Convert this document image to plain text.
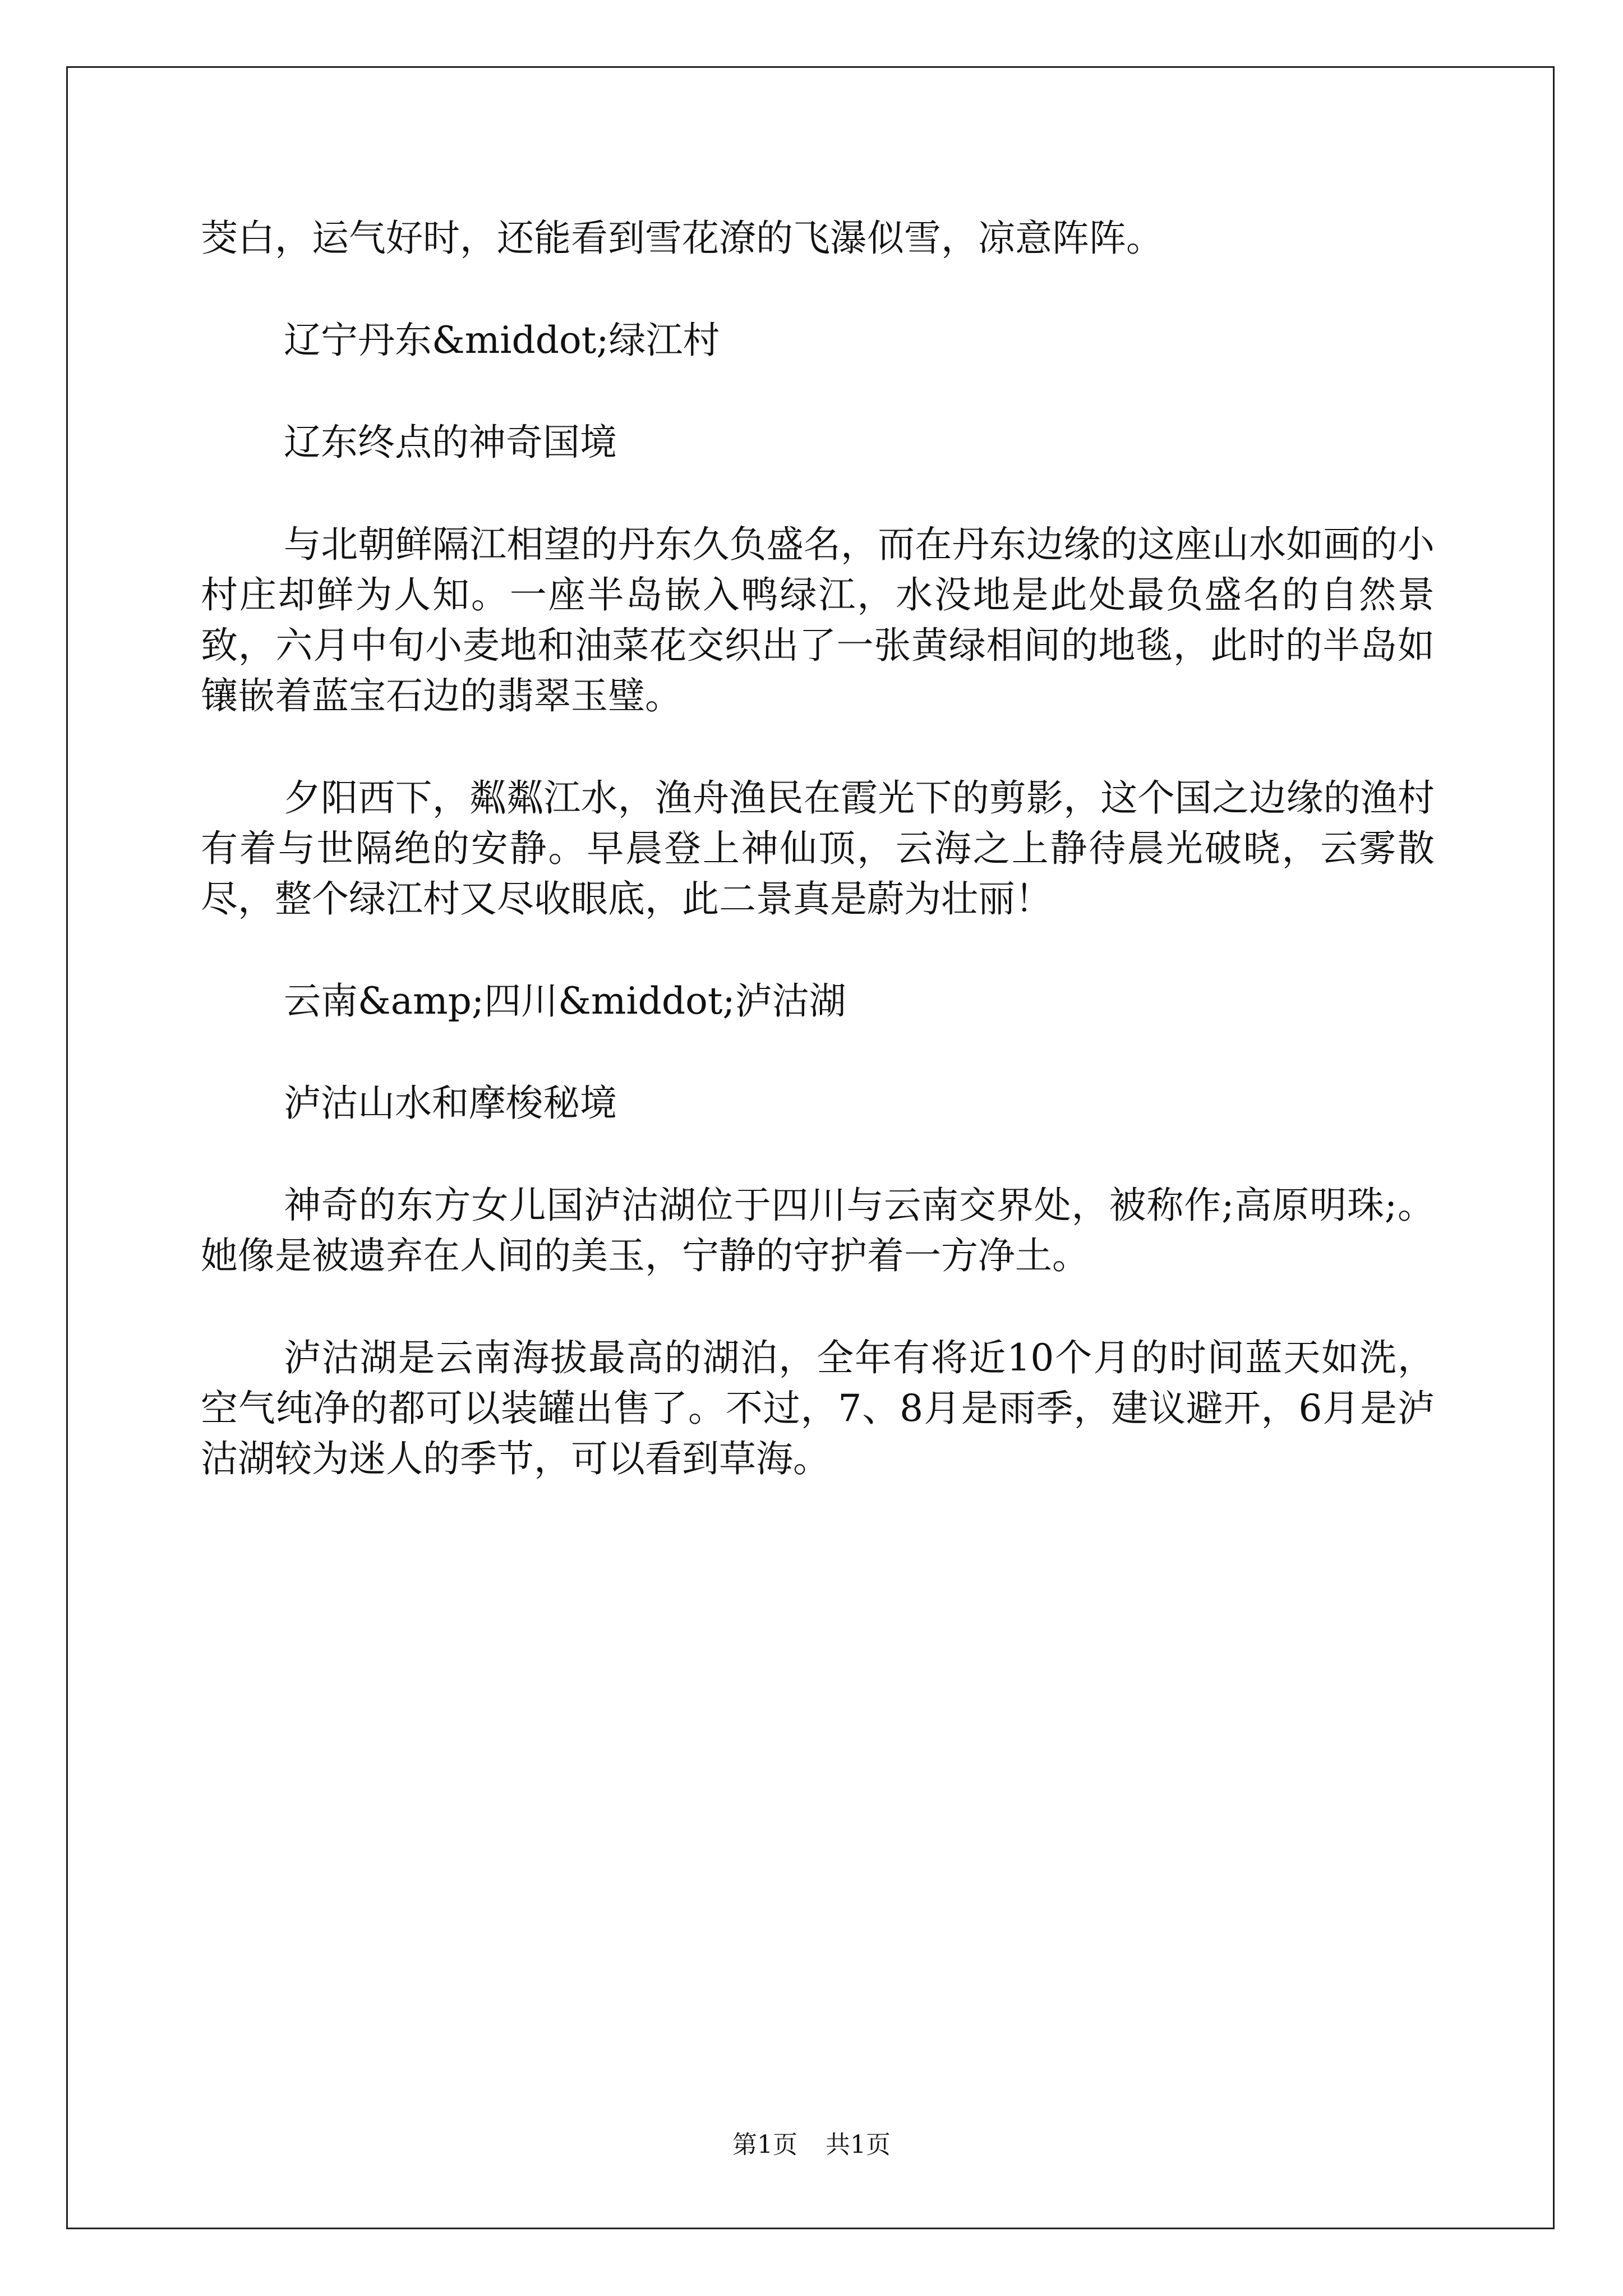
茭白，运气好时，还能看到雪花潦的飞瀑似雪，凉意阵阵。

辽宁丹东&middot;绿江村

辽东终点的神奇国境

与北朝鲜隔江相望的丹东久负盛名，而在丹东边缘的这座山水如画的小村庄却鲜为人知。一座半岛嵌入鸭绿江，水没地是此处最负盛名的自然景致，六月中旬小麦地和油菜花交织出了一张黄绿相间的地毯，此时的半岛如镶嵌着蓝宝石边的翡翠玉璧。

夕阳西下，粼粼江水，渔舟渔民在霞光下的剪影，这个国之边缘的渔村有着与世隔绝的安静。早晨登上神仙顶，云海之上静待晨光破晓，云雾散尽，整个绿江村又尽收眼底，此二景真是蔚为壮丽！

云南&amp;四川&middot;泸沽湖

泸沽山水和摩梭秘境

神奇的东方女儿国泸沽湖位于四川与云南交界处，被称作;高原明珠;。她像是被遗弃在人间的美玉，宁静的守护着一方净土。

泸沽湖是云南海拔最高的湖泊，全年有将近10个月的时间蓝天如洗，空气纯净的都可以装罐出售了。不过，7、8月是雨季，建议避开，6月是泸沽湖较为迷人的季节，可以看到草海。

第1页 共1页
